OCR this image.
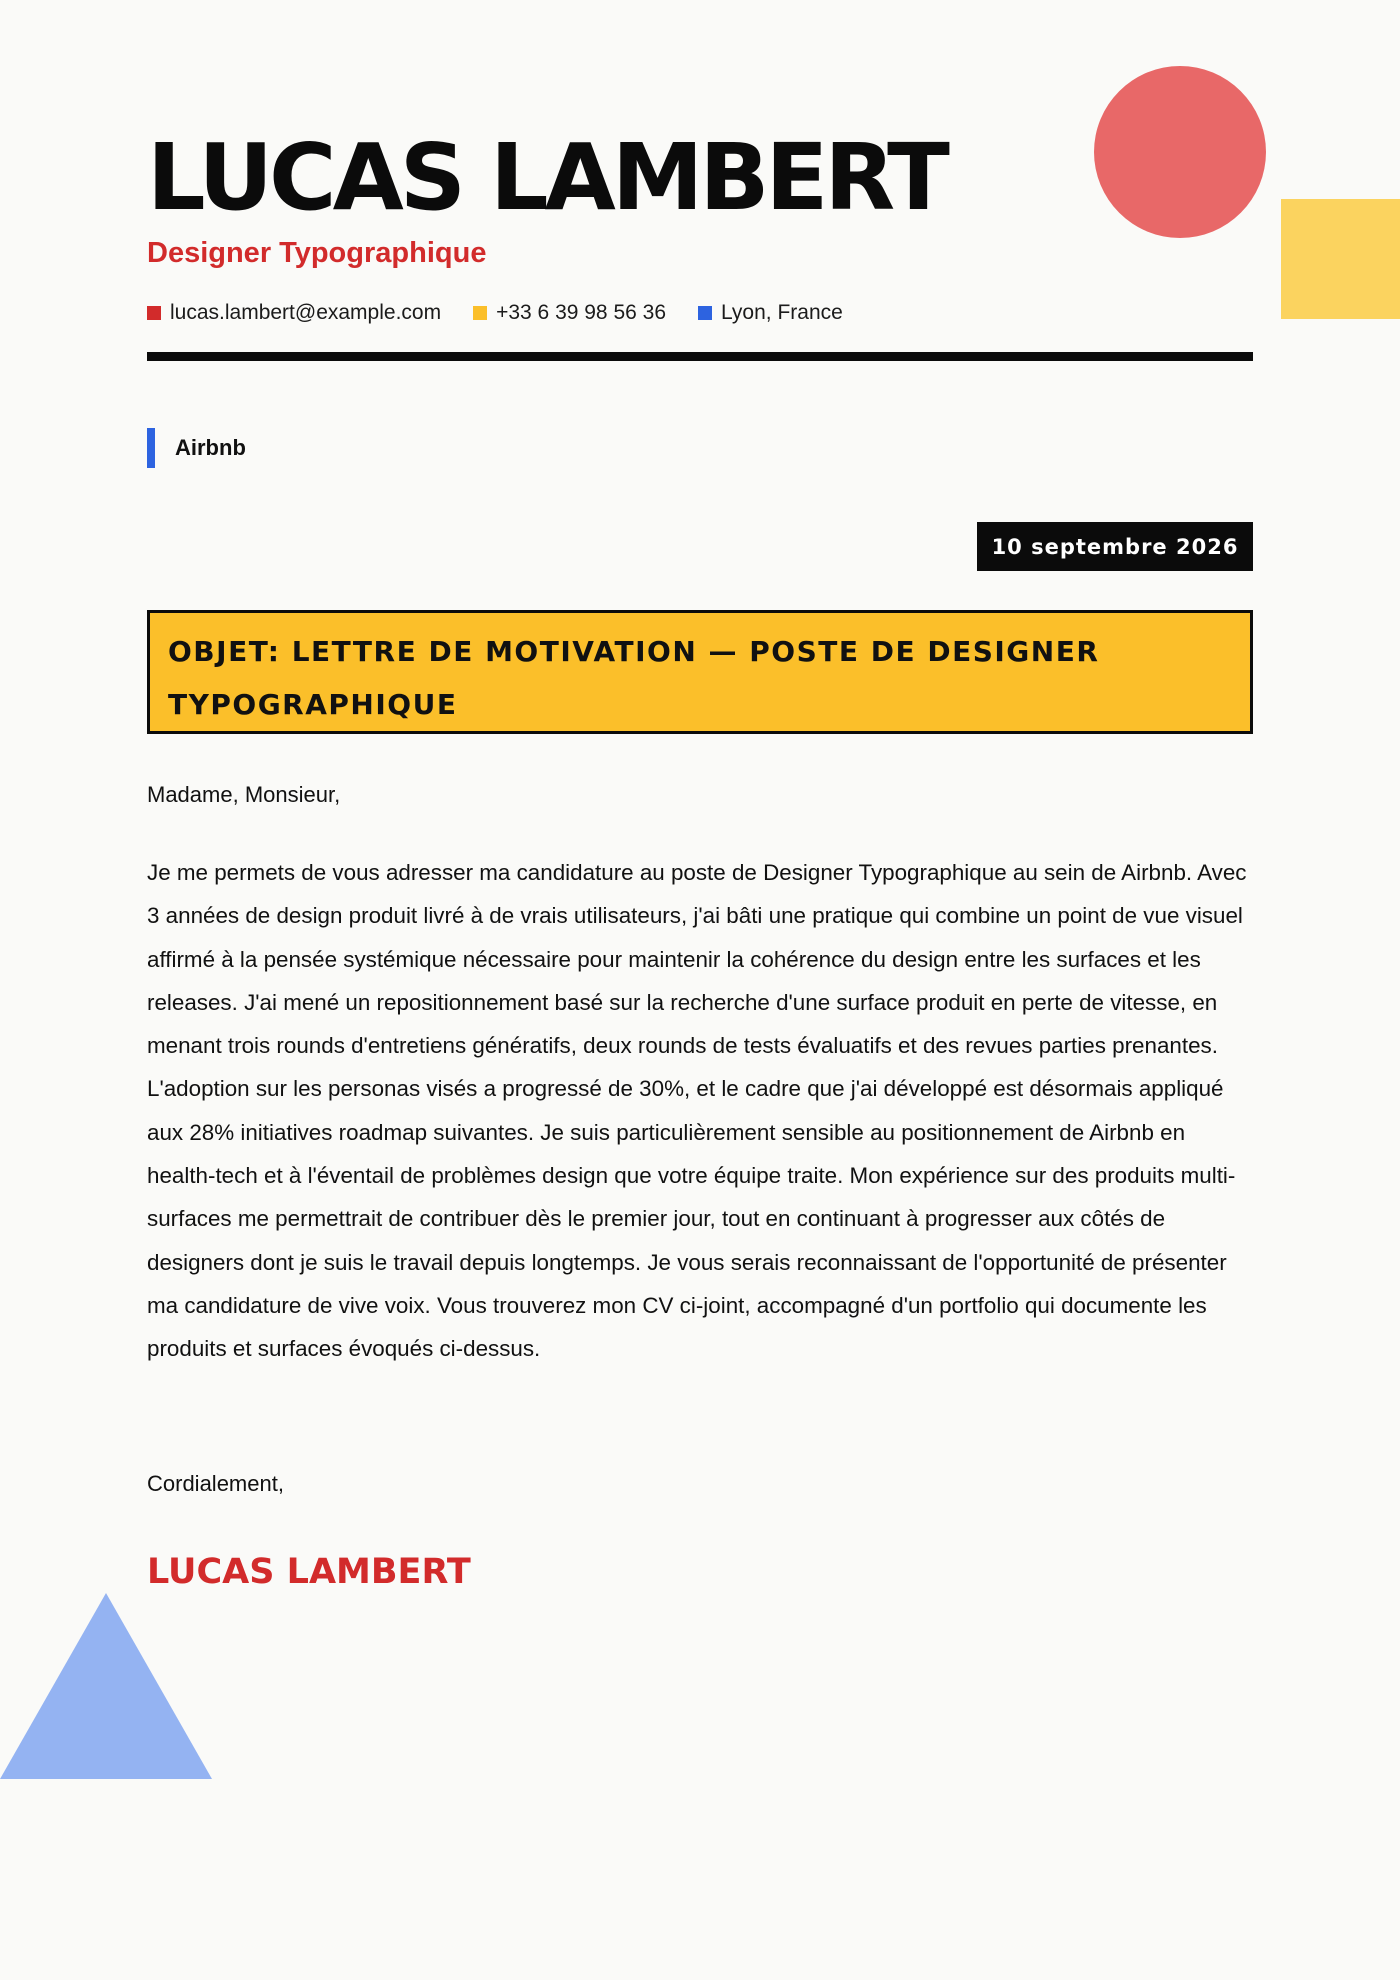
LUCAS LAMBERT
Designer Typographique
lucas.lambert@example.com	+33 6 39 98 56 36	Lyon, France
Airbnb
10 septembre 2026

OBJET: LETTRE DE MOTIVATION — POSTE DE DESIGNER TYPOGRAPHIQUE

Madame, Monsieur,

Je me permets de vous adresser ma candidature au poste de Designer Typographique au sein de Airbnb. Avec 3 années de design produit livré à de vrais utilisateurs, j'ai bâti une pratique qui combine un point de vue visuel affirmé à la pensée systémique nécessaire pour maintenir la cohérence du design entre les surfaces et les releases. J'ai mené un repositionnement basé sur la recherche d'une surface produit en perte de vitesse, en menant trois rounds d'entretiens génératifs, deux rounds de tests évaluatifs et des revues parties prenantes. L'adoption sur les personas visés a progressé de 30%, et le cadre que j'ai développé est désormais appliqué aux 28% initiatives roadmap suivantes. Je suis particulièrement sensible au positionnement de Airbnb en health-tech et à l'éventail de problèmes design que votre équipe traite. Mon expérience sur des produits multi-surfaces me permettrait de contribuer dès le premier jour, tout en continuant à progresser aux côtés de designers dont je suis le travail depuis longtemps. Je vous serais reconnaissant de l'opportunité de présenter ma candidature de vive voix. Vous trouverez mon CV ci-joint, accompagné d'un portfolio qui documente les produits et surfaces évoqués ci-dessus.

Cordialement,
LUCAS LAMBERT
